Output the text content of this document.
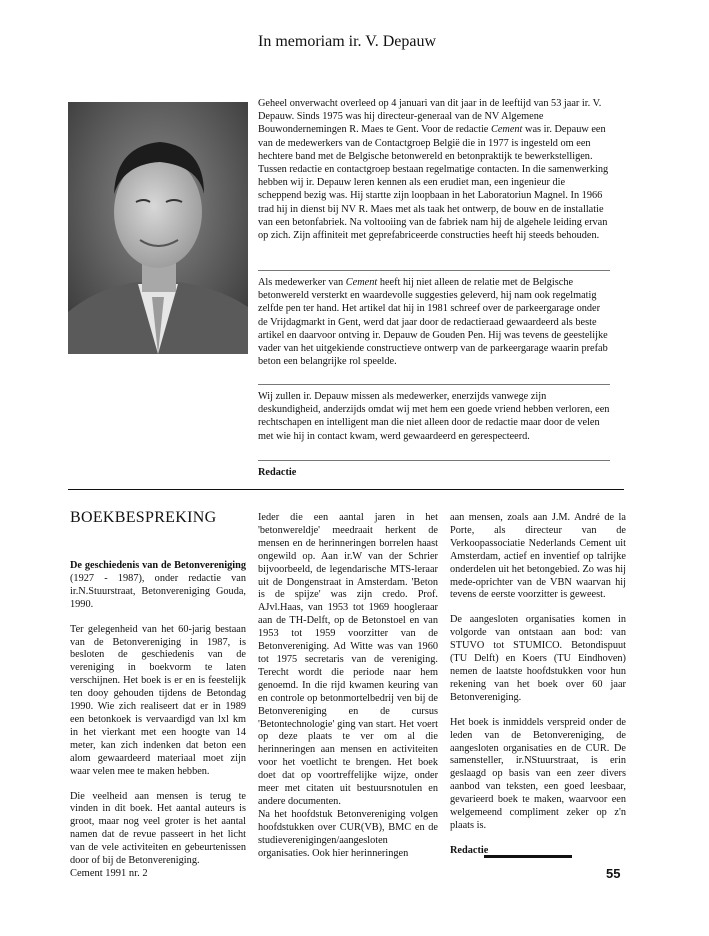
In memoriam ir. V. Depauw
Geheel onverwacht overleed op 4 januari van dit jaar in de leeftijd van 53 jaar ir. V. Depauw. Sinds 1975 was hij directeur-generaal van de NV Algemene Bouwondernemingen R. Maes te Gent. Voor de redactie Cement was ir. Depauw een van de medewerkers van de Contactgroep België die in 1977 is ingesteld om een hechtere band met de Belgische betonwereld en betonpraktijk te bewerkstelligen. Tussen redactie en contactgroep bestaan regelmatige contacten. In die samenwerking hebben wij ir. Depauw leren kennen als een erudiet man, een ingenieur die scheppend bezig was. Hij startte zijn loopbaan in het Laboratoriun Magnel. In 1966 trad hij in dienst bij NV R. Maes met als taak het ontwerp, de bouw en de installatie van een betonfabriek. Na voltooiing van de fabriek nam hij de algehele leiding ervan op zich. Zijn affiniteit met geprefabriceerde constructies heeft hij steeds behouden.
Als medewerker van Cement heeft hij niet alleen de relatie met de Belgische betonwereld versterkt en waardevolle suggesties geleverd, hij nam ook regelmatig zelfde pen ter hand. Het artikel dat hij in 1981 schreef over de parkeergarage onder de Vrijdagmarkt in Gent, werd dat jaar door de redactieraad gewaardeerd als beste artikel en daarvoor ontving ir. Depauw de Gouden Pen. Hij was tevens de geestelijke vader van het uitgekiende constructieve ontwerp van de parkeergarage waarin prefab beton een belangrijke rol speelde.
Wij zullen ir. Depauw missen als medewerker, enerzijds vanwege zijn deskundigheid, anderzijds omdat wij met hem een goede vriend hebben verloren, een rechtschapen en intelligent man die niet alleen door de redactie maar door de velen met wie hij in contact kwam, werd gewaardeerd en gerespecteerd.
Redactie
BOEKBESPREKING

De geschiedenis van de Betonvereniging (1927 - 1987), onder redactie van ir.N.Stuurstraat, Betonvereniging Gouda, 1990.

Ter gelegenheid van het 60-jarig bestaan van de Betonvereniging in 1987, is besloten de geschiedenis van de vereniging in boekvorm te laten verschijnen. Het boek is er en is feestelijk ten dooy gehouden tijdens de Betondag 1990. Wie zich realiseert dat er in 1989 een betonkoek is vervaardigd van lxl km in het vierkant met een hoogte van 14 meter, kan zich indenken dat beton een alom gewaardeerd materiaal moet zijn waar velen mee te maken hebben.

Die veelheid aan mensen is terug te vinden in dit boek. Het aantal auteurs is groot, maar nog veel groter is het aantal namen dat de revue passeert in het licht van de vele activiteiten en gebeurtenissen door of bij de Betonvereniging.

Ieder die een aantal jaren in het 'betonwereldje' meedraait herkent de mensen en de herinneringen borrelen haast ongewild op. Aan ir.W van der Schrier bijvoorbeeld, de legendarische MTS-leraar uit de Dongenstraat in Amsterdam. 'Beton is de spijze' was zijn credo. Prof. AJvl.Haas, van 1953 tot 1969 hoogleraar aan de TH-Delft, op de Betonstoel en van 1953 tot 1959 voorzitter van de Betonvereniging. Ad Witte was van 1960 tot 1975 secretaris van de vereniging. Terecht wordt die periode naar hem genoemd. In die rijd kwamen keuring van en controle op betonmortelbedrij ven bij de Betonvereniging en de cursus 'Betontechnologie' ging van start. Het voert op deze plaats te ver om al die herinneringen aan mensen en activiteiten voor het voetlicht te brengen. Het boek doet dat op voortreffelijke wijze, onder meer met citaten uit bestuursnotulen en andere documenten.

Na het hoofdstuk Betonvereniging volgen hoofdstukken over CUR(VB), BMC en de studieverenigingen/aangesloten organisaties. Ook hier herinneringen

aan mensen, zoals aan J.M. André de la Porte, als directeur van de Verkoopassociatie Nederlands Cement uit Amsterdam, actief en inventief op talrijke onderdelen uit het betongebied. Zo was hij mede-oprichter van de VBN waarvan hij tevens de eerste voorzitter is geweest.

De aangesloten organisaties komen in volgorde van ontstaan aan bod: van STUVO tot STUMICO. Betondispuut (TU Delft) en Koers (TU Eindhoven) nemen de laatste hoofdstukken voor hun rekening van het boek over 60 jaar Betonvereniging.

Het boek is inmiddels verspreid onder de leden van de Betonvereniging, de aangesloten organisaties en de CUR. De samensteller, ir.NStuurstraat, is erin geslaagd op basis van een zeer divers aanbod van teksten, een goed leesbaar, gevarieerd boek te maken, waarvoor een welgemeend compliment zeker op z'n plaats is.

Redactie

Cement 1991 nr. 2	55
